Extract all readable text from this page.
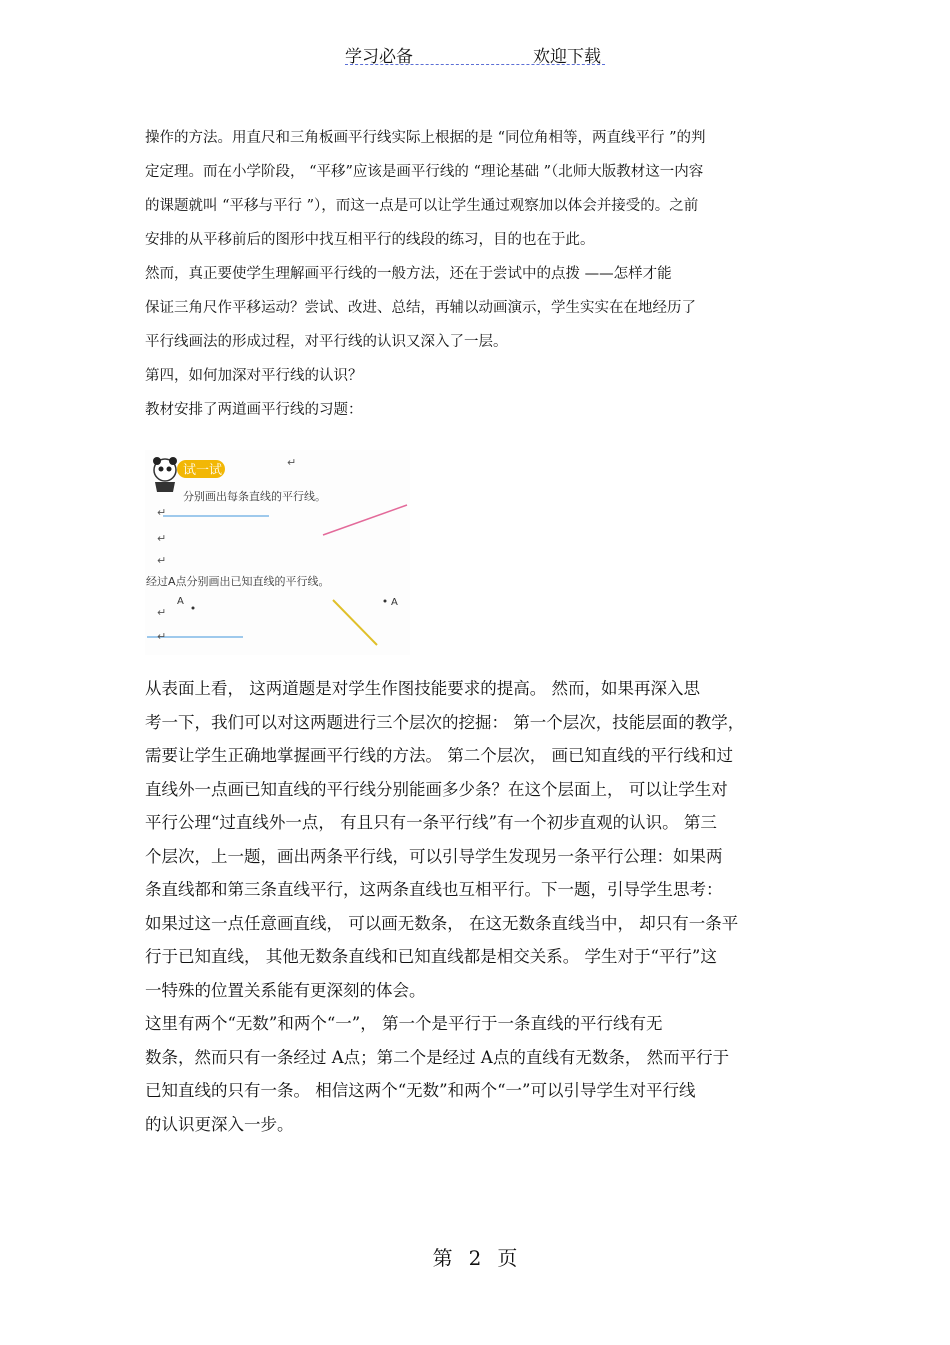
学习必备	欢迎下载
操作的方法。用直尺和三角板画平行线实际上根据的是 “同位角相等，两直线平行 ”的判
定定理。而在小学阶段， “平移”应该是画平行线的 “理论基础 ”（北师大版教材这一内容
的课题就叫 “平移与平行 ”），而这一点是可以让学生通过观察加以体会并接受的。之前
安排的从平移前后的图形中找互相平行的线段的练习，目的也在于此。
然而，真正要使学生理解画平行线的一般方法，还在于尝试中的点拨 ——怎样才能
保证三角尺作平移运动？尝试、改进、总结，再辅以动画演示，学生实实在在地经历了
平行线画法的形成过程，对平行线的认识又深入了一层。
第四，如何加深对平行线的认识？
教材安排了两道画平行线的习题：
试一试
↵
分别画出每条直线的平行线。
↵
↵
↵
经过A点分别画出已知直线的平行线。
A
↵
A
↵
从表面上看， 这两道题是对学生作图技能要求的提高。 然而，如果再深入思
考一下，我们可以对这两题进行三个层次的挖掘： 第一个层次，技能层面的教学，
需要让学生正确地掌握画平行线的方法。 第二个层次， 画已知直线的平行线和过
直线外一点画已知直线的平行线分别能画多少条？在这个层面上， 可以让学生对
平行公理“过直线外一点， 有且只有一条平行线”有一个初步直观的认识。 第三
个层次，上一题，画出两条平行线，可以引导学生发现另一条平行公理：如果两
条直线都和第三条直线平行，这两条直线也互相平行。下一题，引导学生思考：
如果过这一点任意画直线， 可以画无数条， 在这无数条直线当中， 却只有一条平
行于已知直线， 其他无数条直线和已知直线都是相交关系。 学生对于“平行”这
一特殊的位置关系能有更深刻的体会。
这里有两个“无数”和两个“一”， 第一个是平行于一条直线的平行线有无
数条，然而只有一条经过 A点；第二个是经过 A点的直线有无数条， 然而平行于
已知直线的只有一条。 相信这两个“无数”和两个“一”可以引导学生对平行线
的认识更深入一步。
第 2 页
